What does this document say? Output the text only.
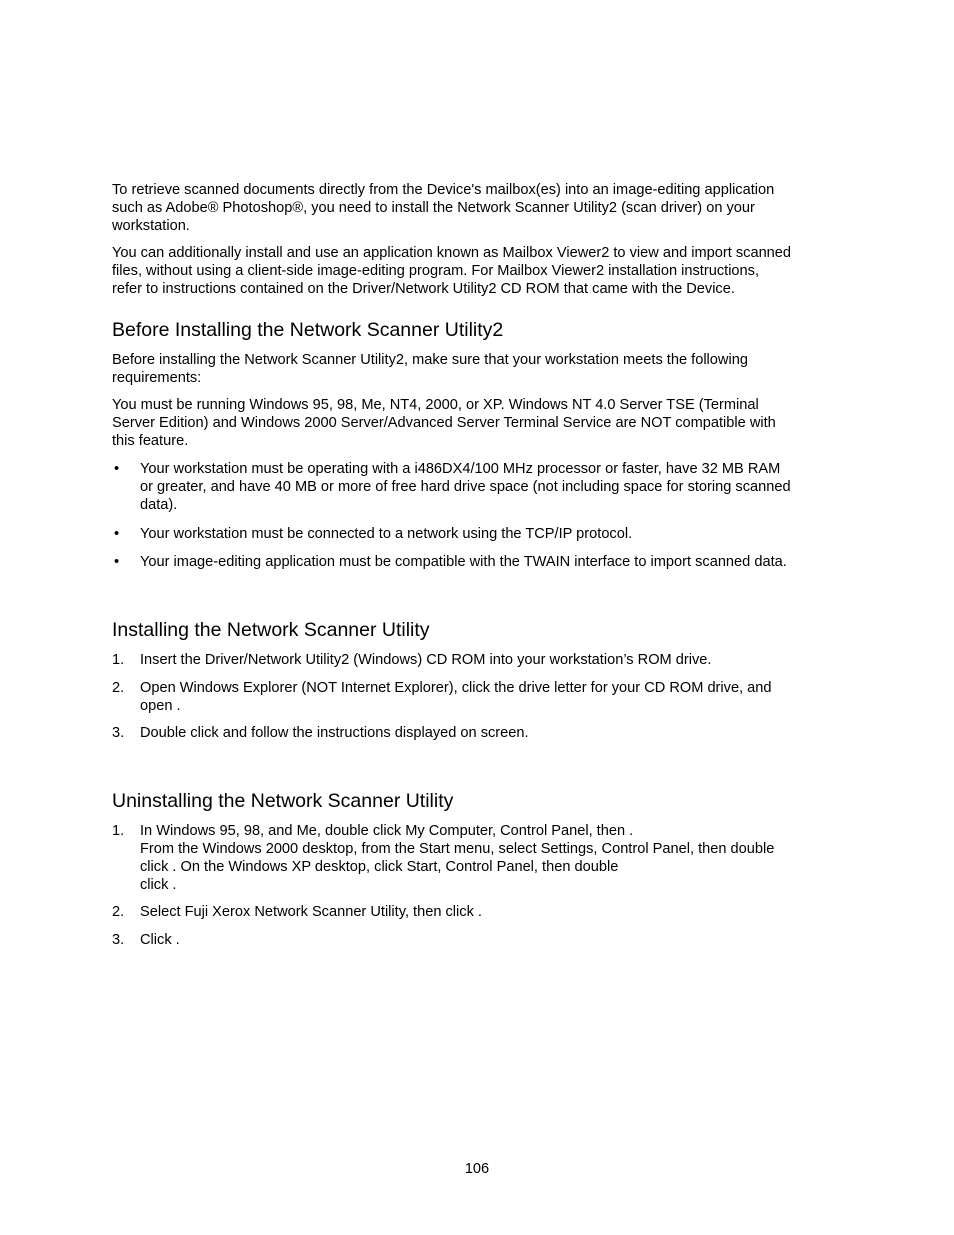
To retrieve scanned documents directly from the Device's mailbox(es) into an image-editing application
such as Adobe® Photoshop®, you need to install the Network Scanner Utility2 (scan driver) on your
workstation.

You can additionally install and use an application known as Mailbox Viewer2 to view and import scanned
files, without using a client-side image-editing program. For Mailbox Viewer2 installation instructions,
refer to instructions contained on the Driver/Network Utility2 CD ROM that came with the Device.

Before Installing the Network Scanner Utility2

Before installing the Network Scanner Utility2, make sure that your workstation meets the following
requirements:

You must be running Windows 95, 98, Me, NT4, 2000, or XP. Windows NT 4.0 Server TSE (Terminal
Server Edition) and Windows 2000 Server/Advanced Server Terminal Service are NOT compatible with
this feature.

• Your workstation must be operating with a i486DX4/100 MHz processor or faster, have 32 MB RAM
or greater, and have 40 MB or more of free hard drive space (not including space for storing scanned
data).
• Your workstation must be connected to a network using the TCP/IP protocol.
• Your image-editing application must be compatible with the TWAIN interface to import scanned data.
Installing the Network Scanner Utility
1. Insert the Driver/Network Utility2 (Windows) CD ROM into your workstation’s ROM drive.
2. Open Windows Explorer (NOT Internet Explorer), click the drive letter for your CD ROM drive, and
open .
3. Double click and follow the instructions displayed on screen.
Uninstalling the Network Scanner Utility
1. In Windows 95, 98, and Me, double click My Computer, Control Panel, then .
From the Windows 2000 desktop, from the Start menu, select Settings, Control Panel, then double
click . On the Windows XP desktop, click Start, Control Panel, then double
click .
2. Select Fuji Xerox Network Scanner Utility, then click .
3. Click .
106
